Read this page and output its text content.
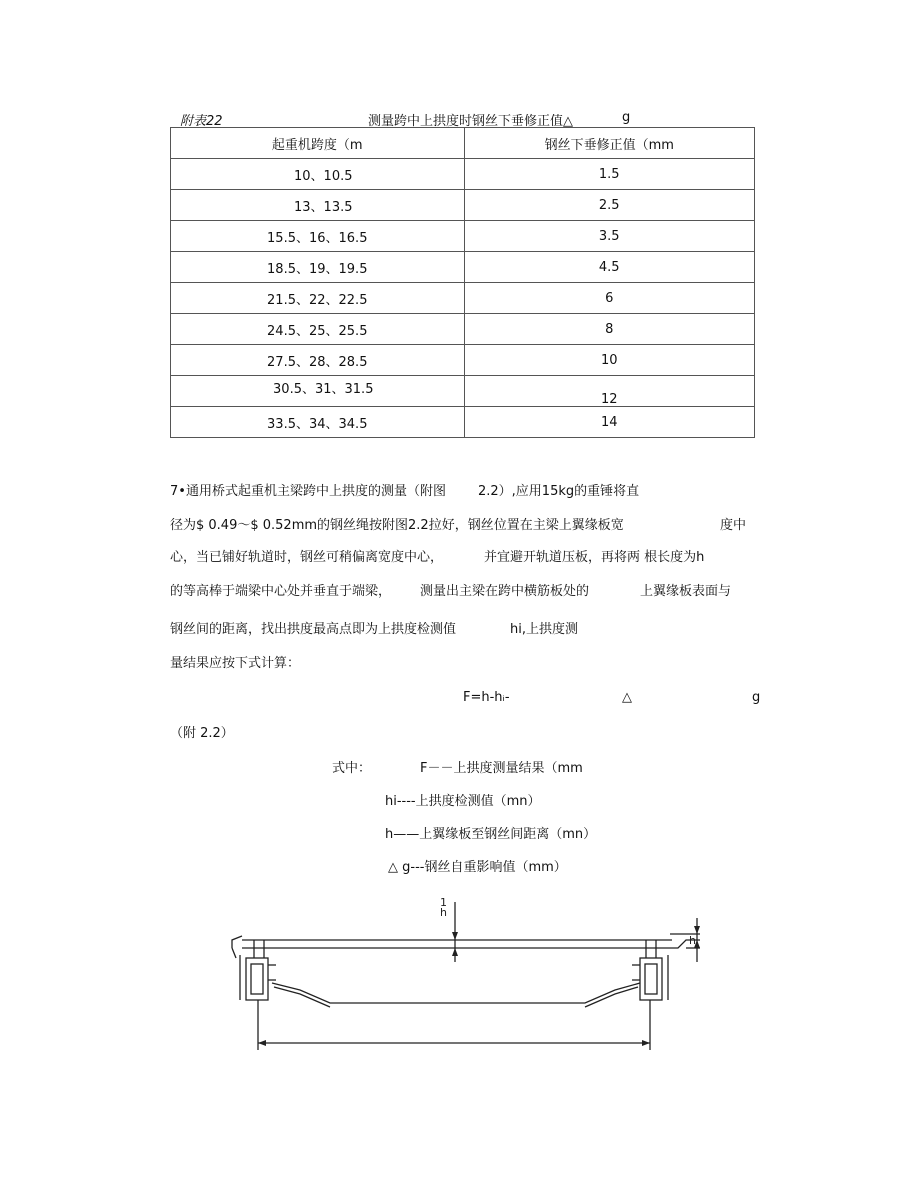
附表22	测量跨中上拱度时钢丝下垂修正值△	g
起重机跨度（m	钢丝下垂修正值（mm
10、10.5	1.5
13、13.5	2.5
15.5、16、16.5	3.5
18.5、19、19.5	4.5
21.5、22、22.5	6
24.5、25、25.5	8
27.5、28、28.5	10
30.5、31、31.5	12
33.5、34、34.5	14
7•通用桥式起重机主梁跨中上拱度的测量（附图 2.2）,应用15kg的重锤将直
径为$ 0.49～$ 0.52mm的钢丝绳按附图2.2拉好，钢丝位置在主梁上翼缘板宽	度中
心，当已铺好轨道时，钢丝可稍偏离宽度中心，	并宜避开轨道压板，再将两 根长度为h
的等高棒于端梁中心处并垂直于端梁， 测量出主梁在跨中横筋板处的	上翼缘板表面与
钢丝间的距离，找出拱度最高点即为上拱度检测值	hi,上拱度测
量结果应按下式计算：
F=h-hᵢ-	△	g
（附 2.2）
式中：	F－－上拱度测量结果（mm
hi----上拱度检测值（mn）
h——上翼缘板至钢丝间距离（mn）
△ g---钢丝自重影响值（mm）
1
h
h
